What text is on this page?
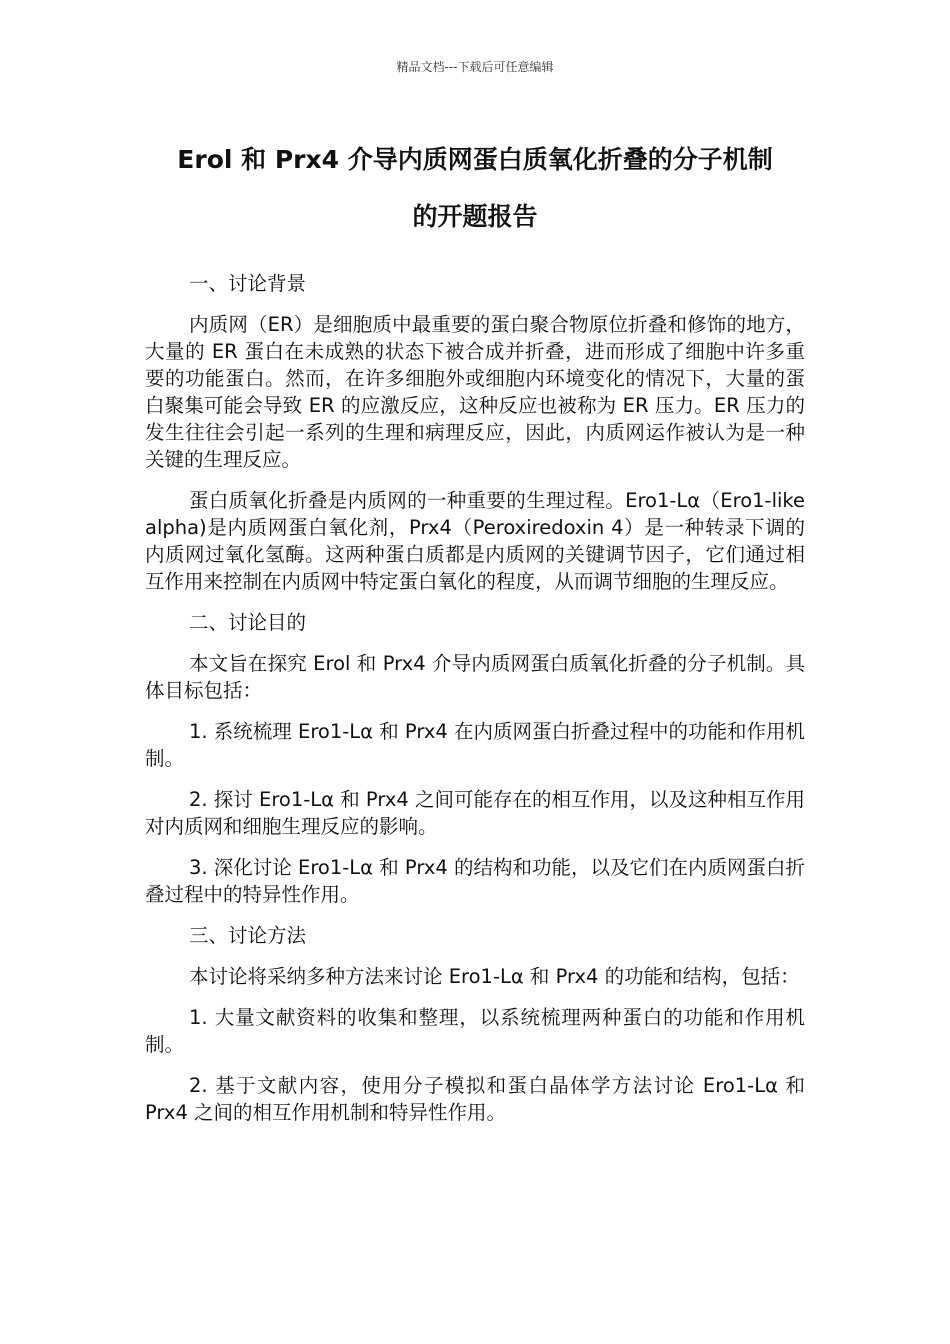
精品文档---下载后可任意编辑
Erol 和 Prx4 介导内质网蛋白质氧化折叠的分子机制
的开题报告

一、讨论背景

内质网（ER）是细胞质中最重要的蛋白聚合物原位折叠和修饰的地方，大量的 ER 蛋白在未成熟的状态下被合成并折叠，进而形成了细胞中许多重要的功能蛋白。然而，在许多细胞外或细胞内环境变化的情况下，大量的蛋白聚集可能会导致 ER 的应激反应，这种反应也被称为 ER 压力。ER 压力的发生往往会引起一系列的生理和病理反应，因此，内质网运作被认为是一种关键的生理反应。

蛋白质氧化折叠是内质网的一种重要的生理过程。Ero1-Lα（Ero1-like alpha)是内质网蛋白氧化剂，Prx4（Peroxiredoxin 4）是一种转录下调的内质网过氧化氢酶。这两种蛋白质都是内质网的关键调节因子，它们通过相互作用来控制在内质网中特定蛋白氧化的程度，从而调节细胞的生理反应。

二、讨论目的

本文旨在探究 Erol 和 Prx4 介导内质网蛋白质氧化折叠的分子机制。具体目标包括：

1. 系统梳理 Ero1-Lα 和 Prx4 在内质网蛋白折叠过程中的功能和作用机制。

2. 探讨 Ero1-Lα 和 Prx4 之间可能存在的相互作用，以及这种相互作用对内质网和细胞生理反应的影响。

3. 深化讨论 Ero1-Lα 和 Prx4 的结构和功能，以及它们在内质网蛋白折叠过程中的特异性作用。

三、讨论方法

本讨论将采纳多种方法来讨论 Ero1-Lα 和 Prx4 的功能和结构，包括：

1. 大量文献资料的收集和整理，以系统梳理两种蛋白的功能和作用机制。

2. 基于文献内容，使用分子模拟和蛋白晶体学方法讨论 Ero1-Lα 和 Prx4 之间的相互作用机制和特异性作用。
